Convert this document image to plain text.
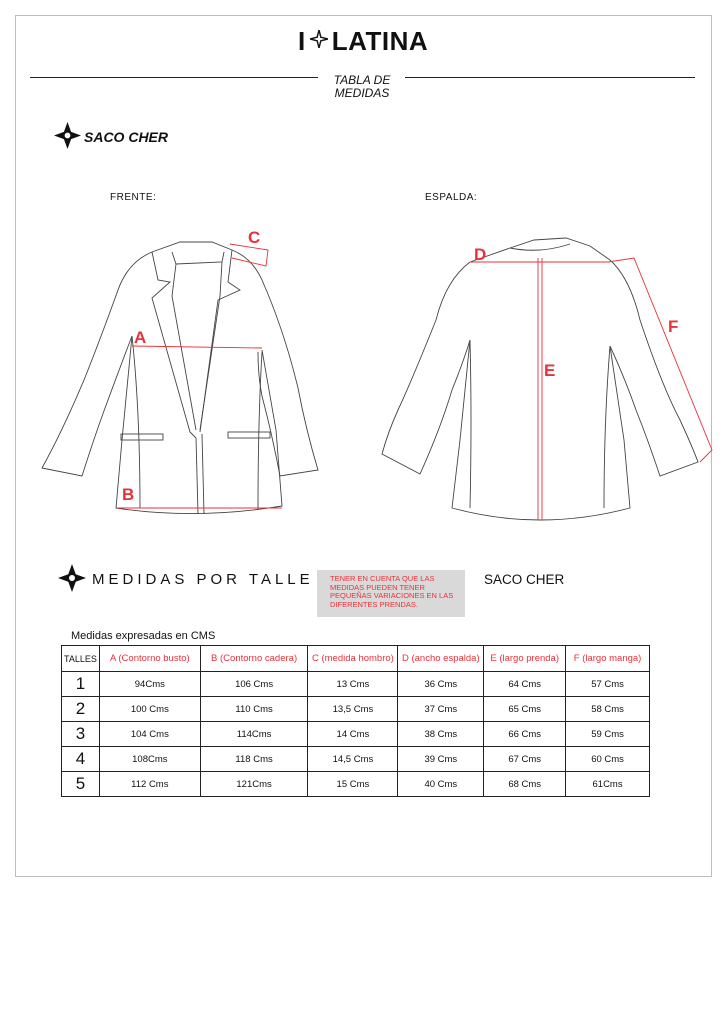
I LATINA
TABLA DE
MEDIDAS
SACO CHER
FRENTE:	ESPALDA:
A
B
C
D
E
F
MEDIDAS POR TALLE TENER EN CUENTA QUE LAS MEDIDAS PUEDEN TENER PEQUEÑAS VARIACIONES EN LAS DIFERENTES PRENDAS.
SACO CHER
Medidas expresadas en CMS
TALLES	A (Contorno busto)	B (Contorno cadera)	C (medida hombro)	D (ancho espalda)	E (largo prenda)	F (largo manga)
1	94Cms	106 Cms	13 Cms	36 Cms	64 Cms	57 Cms
2	100 Cms	110 Cms	13,5 Cms	37 Cms	65 Cms	58 Cms
3	104 Cms	114Cms	14 Cms	38 Cms	66 Cms	59 Cms
4	108Cms	118 Cms	14,5 Cms	39 Cms	67 Cms	60 Cms
5	112 Cms	121Cms	15 Cms	40 Cms	68 Cms	61Cms
